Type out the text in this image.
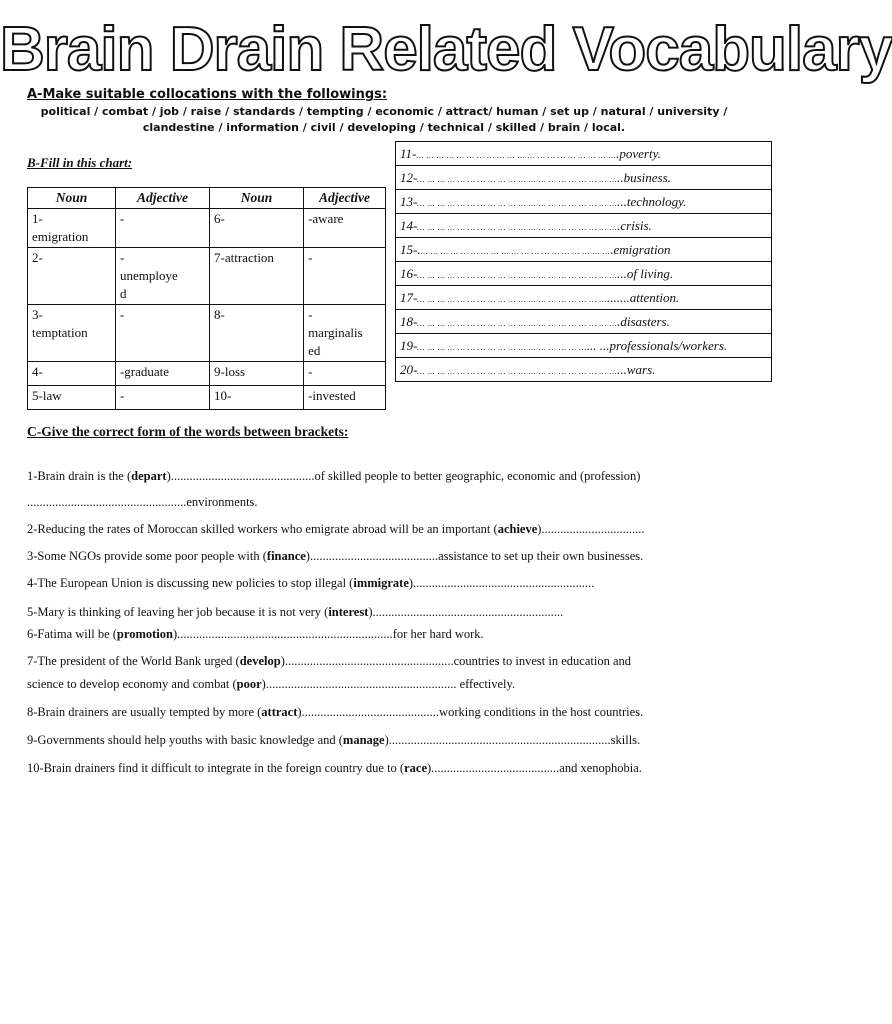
Brain Drain Related Vocabulary
A-Make suitable collocations with the followings:
political / combat / job / raise / standards / tempting / economic / attract/ human / set up / natural / university /
clandestine / information / civil / developing / technical / skilled / brain / local.
B-Fill in this chart:
Noun	Adjective	Noun	Adjective
1-
emigration	-	6-	-aware
2-	-
unemploye
d	7-attraction	-
3-
temptation	-	8-	-
marginalis
ed
4-	-graduate	9-loss	-
5-law	-	10-	-invested
11-… … … … … … … … … … … … … … … … … … … ….poverty.
12-… … … … … … … … … … … … … … … … … … … …..business.
13-… … … … … … … … … … … … … … … … … … … …...technology.
14-… … … … … … … … … … … … … … … … … … … ….crisis.
15-.… … … … … … … … … … … … … … … … … … ….emigration
16-… … … … … … … … … … … … … … … … … … … …...of living.
17-… … … … … … … … … … … … … … … … … … ….......attention.
18-… … … … … … … … … … … … … … … … … … … ….disasters.
19-… … … … … … … … … … … … … … … … …... ...professionals/workers.
20-… … … … … … … … … … … … … … … … … … … …...wars.
C-Give the correct form of the words between brackets:
1-Brain drain is the (depart)..............................................of skilled people to better geographic, economic and (profession)
...................................................environments.
2-Reducing the rates of Moroccan skilled workers who emigrate abroad will be an important (achieve).................................
3-Some NGOs provide some poor people with (finance).........................................assistance to set up their own businesses.
4-The European Union is discussing new policies to stop illegal (immigrate)..........................................................
5-Mary is thinking of leaving her job because it is not very (interest).............................................................
6-Fatima will be (promotion).....................................................................for her hard work.
7-The president of the World Bank urged (develop)......................................................countries to invest in education and
science to develop economy and combat (poor)............................................................. effectively.
8-Brain drainers are usually tempted by more (attract)............................................working conditions in the host countries.
9-Governments should help youths with basic knowledge and (manage).......................................................................skills.
10-Brain drainers find it difficult to integrate in the foreign country due to (race).........................................and xenophobia.
